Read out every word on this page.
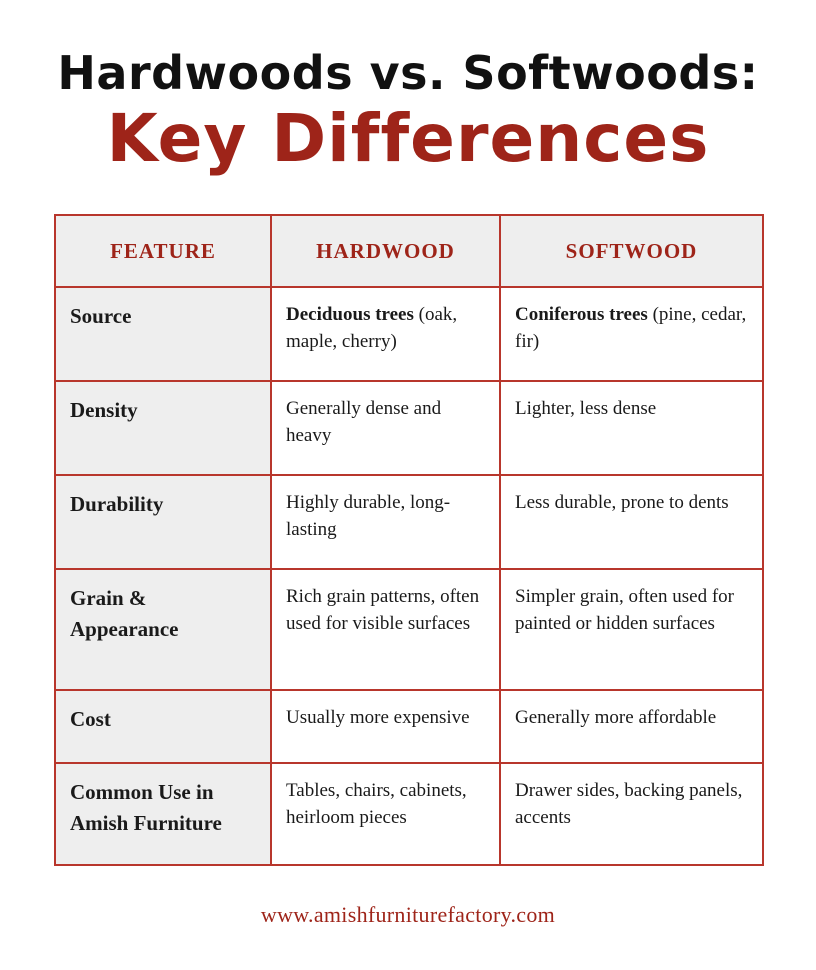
Hardwoods vs. Softwoods:
Key Differences
FEATURE	HARDWOOD	SOFTWOOD
Source	Deciduous trees (oak, maple, cherry)	Coniferous trees (pine, cedar, fir)
Density	Generally dense and heavy	Lighter, less dense
Durability	Highly durable, long-lasting	Less durable, prone to dents
Grain & Appearance	Rich grain patterns, often used for visible surfaces	Simpler grain, often used for painted or hidden surfaces
Cost	Usually more expensive	Generally more affordable
Common Use in Amish Furniture	Tables, chairs, cabinets, heirloom pieces	Drawer sides, backing panels, accents
www.amishfurniturefactory.com
